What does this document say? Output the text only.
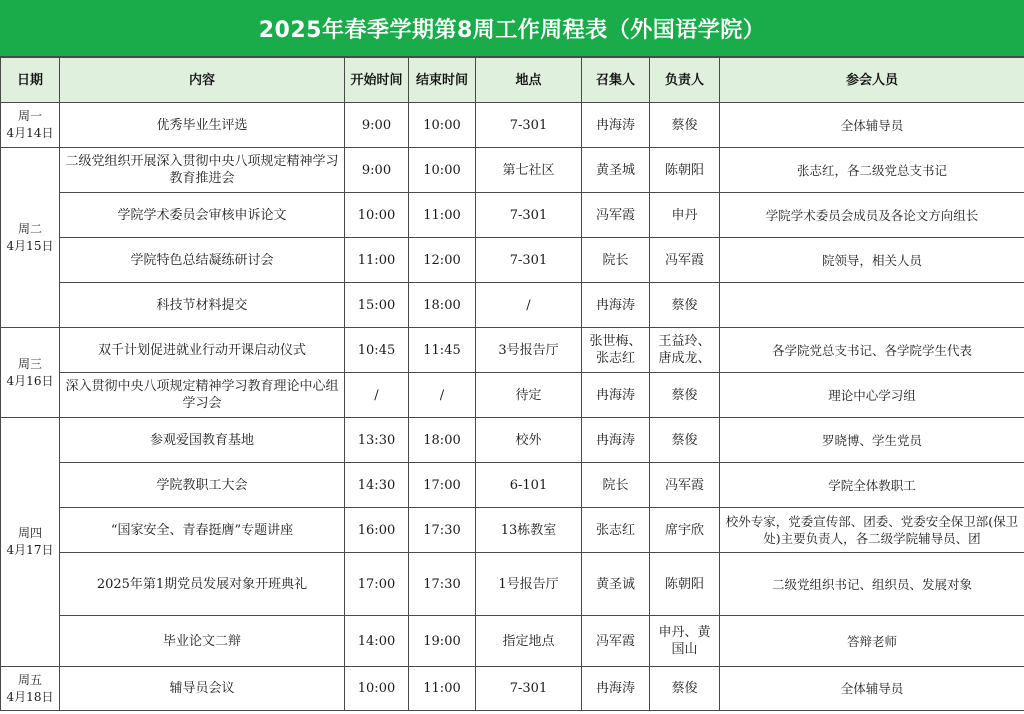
2025年春季学期第8周工作周程表（外国语学院）
日期	内容	开始时间	结束时间	地点	召集人	负责人	参会人员

周一
4月14日	优秀毕业生评选	9:00	10:00	7-301	冉海涛	蔡俊	全体辅导员

周二
4月15日	二级党组织开展深入贯彻中央八项规定精神学习教育推进会	9:00	10:00	第七社区	黄圣城	陈朝阳	张志红，各二级党总支书记
	学院学术委员会审核申诉论文	10:00	11:00	7-301	冯军霞	申丹	学院学术委员会成员及各论文方向组长
	学院特色总结凝练研讨会	11:00	12:00	7-301	院长	冯军霞	院领导，相关人员
	科技节材料提交	15:00	18:00	/	冉海涛	蔡俊	

周三
4月16日	双千计划促进就业行动开课启动仪式	10:45	11:45	3号报告厅	张世梅、张志红	王益玲、唐成龙、	各学院党总支书记、各学院学生代表
	深入贯彻中央八项规定精神学习教育理论中心组学习会	/	/	待定	冉海涛	蔡俊	理论中心学习组

周四
4月17日	参观爱国教育基地	13:30	18:00	校外	冉海涛	蔡俊	罗晓博、学生党员
	学院教职工大会	14:30	17:00	6-101	院长	冯军霞	学院全体教职工
	“国家安全、青春挺膺”专题讲座	16:00	17:30	13栋教室	张志红	席宇欣	校外专家，党委宣传部、团委、党委安全保卫部(保卫处)主要负责人，各二级学院辅导员、团

	2025年第1期党员发展对象开班典礼	17:00	17:30	1号报告厅	黄圣诚	陈朝阳	二级党组织书记、组织员、发展对象
	毕业论文二辩	14:00	19:00	指定地点	冯军霞	申丹、黄国山	答辩老师

周五
4月18日	辅导员会议	10:00	11:00	7-301	冉海涛	蔡俊	全体辅导员
